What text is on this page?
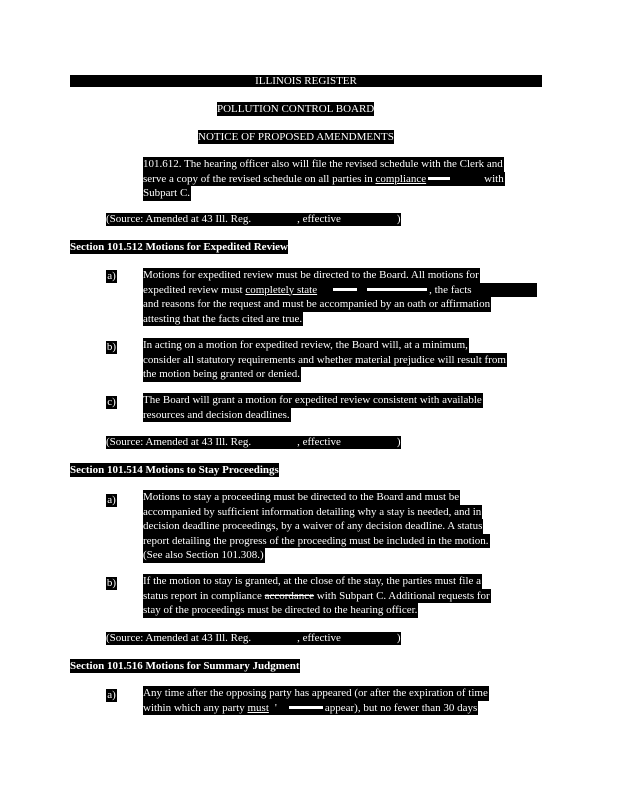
ILLINOIS REGISTER
POLLUTION CONTROL BOARD
NOTICE OF PROPOSED AMENDMENTS
101.612. The hearing officer also will file the revised schedule with the Clerk and
serve a copy of the revised schedule on all parties in compliance	with
Subpart C.
(Source: Amended at 43 Ill. Reg.	, effective	)
Section 101.512 Motions for Expedited Review
a) Motions for expedited review must be directed to the Board. All motions for
expedited review must completely state	, the facts
and reasons for the request and must be accompanied by an oath or affirmation
attesting that the facts cited are true.
b) In acting on a motion for expedited review, the Board will, at a minimum,
consider all statutory requirements and whether material prejudice will result from
the motion being granted or denied.
c) The Board will grant a motion for expedited review consistent with available
resources and decision deadlines.
(Source: Amended at 43 Ill. Reg.	, effective	)
Section 101.514 Motions to Stay Proceedings
a) Motions to stay a proceeding must be directed to the Board and must be
accompanied by sufficient information detailing why a stay is needed, and in
decision deadline proceedings, by a waiver of any decision deadline. A status
report detailing the progress of the proceeding must be included in the motion.
(See also Section 101.308.)
b) If the motion to stay is granted, at the close of the stay, the parties must file a
status report in compliance accordance with Subpart C. Additional requests for
stay of the proceedings must be directed to the hearing officer.
(Source: Amended at 43 Ill. Reg.	, effective	)
Section 101.516 Motions for Summary Judgment
a) Any time after the opposing party has appeared (or after the expiration of time
within which any party must '	appear), but no fewer than 30 days
